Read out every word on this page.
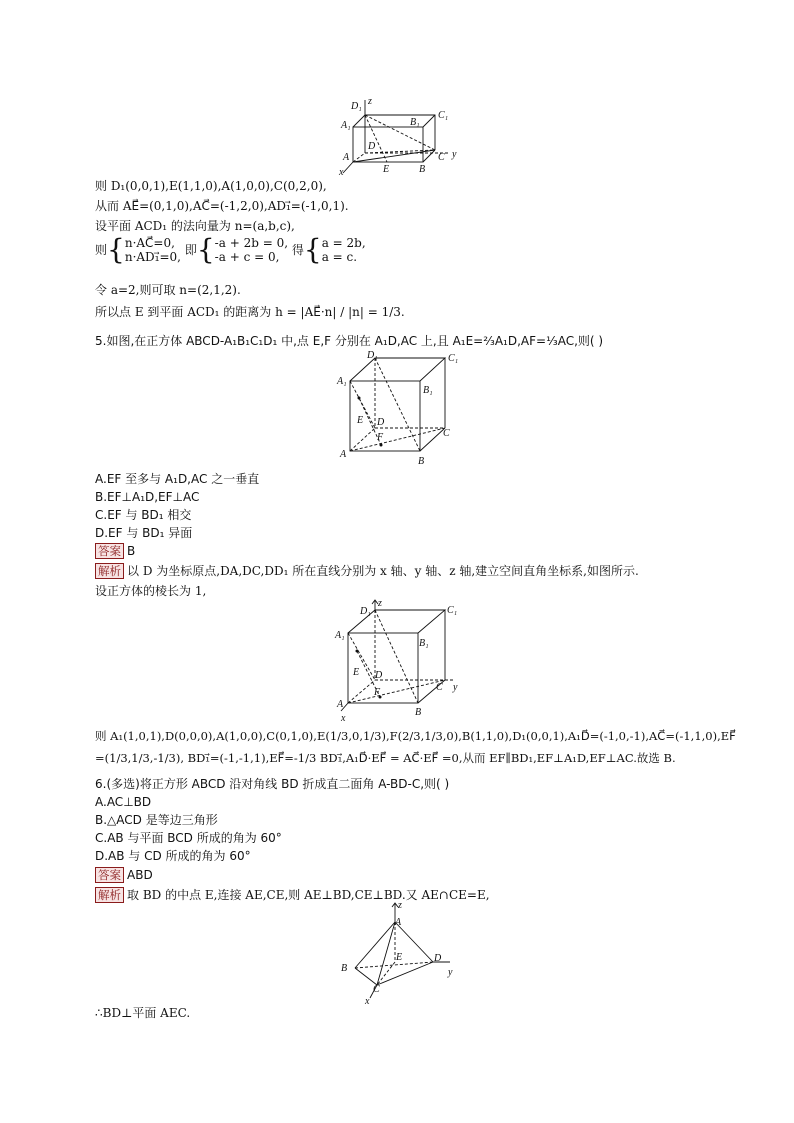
D₁ z
A₁	B₁
C₁
D
A
E	B
C y
x
则 D₁(0,0,1),E(1,1,0),A(1,0,0),C(0,2,0),
从而 AE⃗=(0,1,0),AC⃗=(-1,2,0),AD₁⃗=(-1,0,1).
设平面 ACD₁ 的法向量为 n=(a,b,c),
则{n·AC⃗=0,
n·AD₁⃗=0, 即{-a + 2b = 0,
-a + c = 0, 得{a = 2b,
a = c.
令 a=2,则可取 n=(2,1,2).
所以点 E 到平面 ACD₁ 的距离为 h = |AE⃗·n| / |n| = 1/3.
5.如图,在正方体 ABCD-A₁B₁C₁D₁ 中,点 E,F 分别在 A₁D,AC 上,且 A₁E=²⁄₃A₁D,AF=¹⁄₃AC,则( )
D₁	C₁
A₁
B₁
E D
F	C
A
B
A.EF 至多与 A₁D,AC 之一垂直
B.EF⊥A₁D,EF⊥AC
C.EF 与 BD₁ 相交
D.EF 与 BD₁ 异面
答案 B
解析 以 D 为坐标原点,DA,DC,DD₁ 所在直线分别为 x 轴、y 轴、z 轴,建立空间直角坐标系,如图所示.
设正方体的棱长为 1,
z
D₁	C₁
A₁
B₁
E D
F	C y
A
B
x
则 A₁(1,0,1),D(0,0,0),A(1,0,0),C(0,1,0),E(1/3,0,1/3),F(2/3,1/3,0),B(1,1,0),D₁(0,0,1),A₁D⃗=(-1,0,-1),AC⃗=(-1,1,0),EF⃗
=(1/3,1/3,-1/3), BD₁⃗=(-1,-1,1),EF⃗=-1/3 BD₁⃗,A₁D⃗·EF⃗ = AC⃗·EF⃗ =0,从而 EF∥BD₁,EF⊥A₁D,EF⊥AC.故选 B.
6.(多选)将正方形 ABCD 沿对角线 BD 折成直二面角 A-BD-C,则( )
A.AC⊥BD
B.△ACD 是等边三角形
C.AB 与平面 BCD 所成的角为 60°
D.AB 与 CD 所成的角为 60°
答案 ABD
解析 取 BD 的中点 E,连接 AE,CE,则 AE⊥BD,CE⊥BD.又 AE∩CE=E,
z
A
B
E	D
y
C
x
∴BD⊥平面 AEC.
